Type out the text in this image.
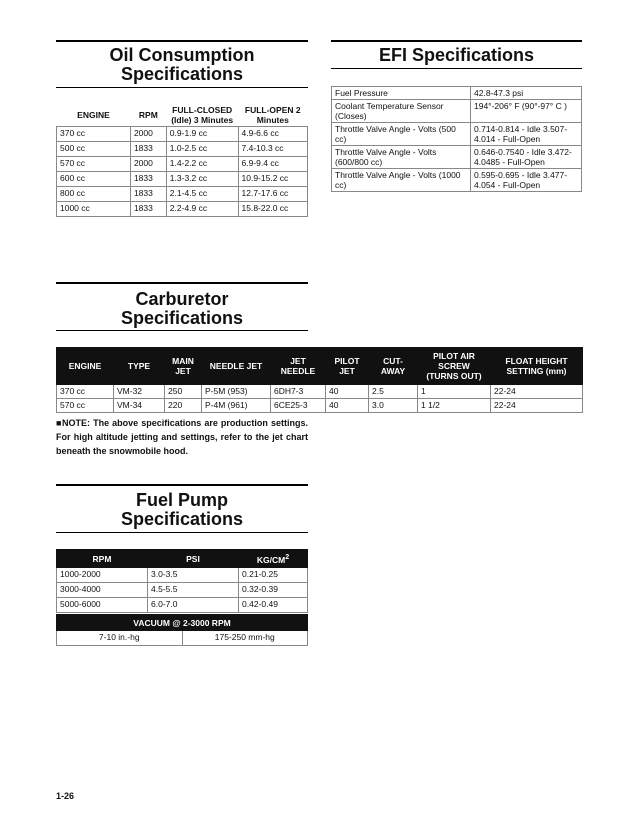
Oil Consumption
Specifications
ENGINE	RPM	FULL-CLOSED (Idle) 3 Minutes	FULL-OPEN 2 Minutes
370 cc	2000	0.9-1.9 cc	4.9-6.6 cc
500 cc	1833	1.0-2.5 cc	7.4-10.3 cc
570 cc	2000	1.4-2.2 cc	6.9-9.4 cc
600 cc	1833	1.3-3.2 cc	10.9-15.2 cc
800 cc	1833	2.1-4.5 cc	12.7-17.6 cc
1000 cc	1833	2.2-4.9 cc	15.8-22.0 cc
EFI Specifications
Fuel Pressure	42.8-47.3 psi
Coolant Temperature Sensor (Closes)	194°-206° F (90°-97° C )
Throttle Valve Angle - Volts (500 cc)	0.714-0.814 - Idle 3.507-4.014 - Full-Open
Throttle Valve Angle - Volts (600/800 cc)	0.646-0.7540 - Idle 3.472-4.0485 - Full-Open
Throttle Valve Angle - Volts (1000 cc)	0.595-0.695 - Idle 3.477-4.054 - Full-Open
Carburetor
Specifications
ENGINE	TYPE	MAIN JET	NEEDLE JET	JET NEEDLE	PILOT JET	CUT-AWAY	PILOT AIR SCREW (TURNS OUT)	FLOAT HEIGHT SETTING (mm)
370 cc	VM-32	250	P-5M (953)	6DH7-3	40	2.5	1	22-24
570 cc	VM-34	220	P-4M (961)	6CE25-3	40	3.0	1 1/2	22-24
■NOTE: The above specifications are production settings. For high altitude jetting and settings, refer to the jet chart beneath the snowmobile hood.
Fuel Pump
Specifications
RPM	PSI	$KG/CM^2$
1000-2000	3.0-3.5	0.21-0.25
3000-4000	4.5-5.5	0.32-0.39
5000-6000	6.0-7.0	0.42-0.49
VACUUM @ 2-3000 RPM
7-10 in.-hg	175-250 mm-hg
1-26
